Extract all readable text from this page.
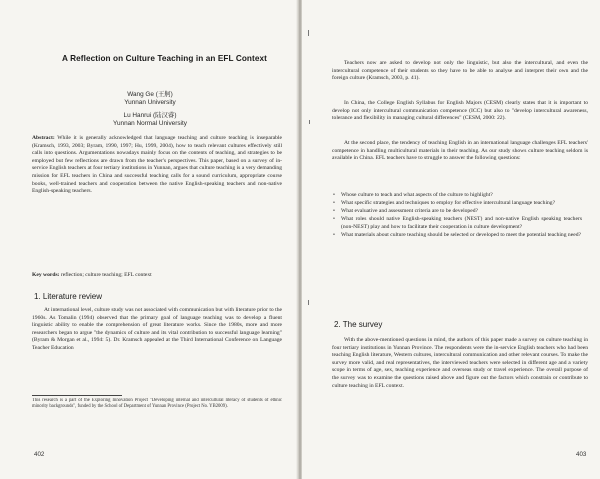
A Reflection on Culture Teaching in an EFL Context
Wang Ge (王舸)
Yunnan University
Lu Hanrui (陆汉睿)
Yunnan Normal University
Abstract: While it is generally acknowledged that language teaching and culture teaching is inseparable (Kramsch, 1993, 2003; Byram, 1990, 1997; Hu, 1999, 2004), how to teach relevant cultures effectively still calls into questions. Argumentations nowadays mainly focus on the contents of teaching, and strategies to be employed but few reflections are drawn from the teacher's perspectives. This paper, based on a survey of in-service English teachers at four tertiary institutions in Yunnan, argues that culture teaching is a very demanding mission for EFL teachers in China and successful teaching calls for a sound curriculum, appropriate course books, well-trained teachers and cooperation between the native English-speaking teachers and non-native English-speaking teachers.
Key words: reflection; culture teaching; EFL context
1. Literature review
At international level, culture study was not associated with communication but with literature prior to the 1960s. As Tomalin (1994) observed that the primary goal of language teaching was to develop a fluent linguistic ability to enable the comprehension of great literature works. Since the 1980s, more and more researchers began to argue "the dynamics of culture and its vital contribution to successful language learning" (Byram & Morgan et al., 1994: 5). Dr. Kramsch appealed at the Third International Conference on Language Teacher Education
This research is a part of the Exploring Innovation Project "Developing internal and intercultural literacy of students of ethnic minority backgrounds", funded by the School of Department of Yunnan Province (Project No. YB2009).
402
Teachers now are asked to develop not only the linguistic, but also the intercultural, and even the intercultural competence of their students so they have to be able to analyse and interpret their own and the foreign culture (Kramsch, 2003, p. 41).
In China, the College English Syllabus for English Majors (CESM) clearly states that it is important to develop not only intercultural communication competence (ICC) but also to "develop intercultural awareness, tolerance and flexibility in managing cultural differences" (CESM, 2000: 22).
At the second place, the tendency of teaching English in an international language challenges EFL teachers' competence in handling multicultural materials in their teaching. As our study shows culture teaching seldom is available in China. EFL teachers have to struggle to answer the following questions:
• Whose culture to teach and what aspects of the culture to highlight?
• What specific strategies and techniques to employ for effective intercultural language teaching?
• What evaluative and assessment criteria are to be developed?
• What roles should native English-speaking teachers (NEST) and non-native English speaking teachers (non-NEST) play and how to facilitate their cooperation in culture development?
• What materials about culture teaching should be selected or developed to meet the potential teaching need?
2. The survey
With the above-mentioned questions in mind, the authors of this paper made a survey on culture teaching in four tertiary institutions in Yunnan Province. The respondents were the in-service English teachers who had been teaching English literature, Western cultures, intercultural communication and other relevant courses. To make the survey more valid, and real representatives, the interviewed teachers were selected in different age and a variety scope in terms of age, sex, teaching experience and overseas study or travel experience. The overall purpose of the survey was to examine the questions raised above and figure out the factors which constrain or contribute to culture teaching in EFL context.
403
